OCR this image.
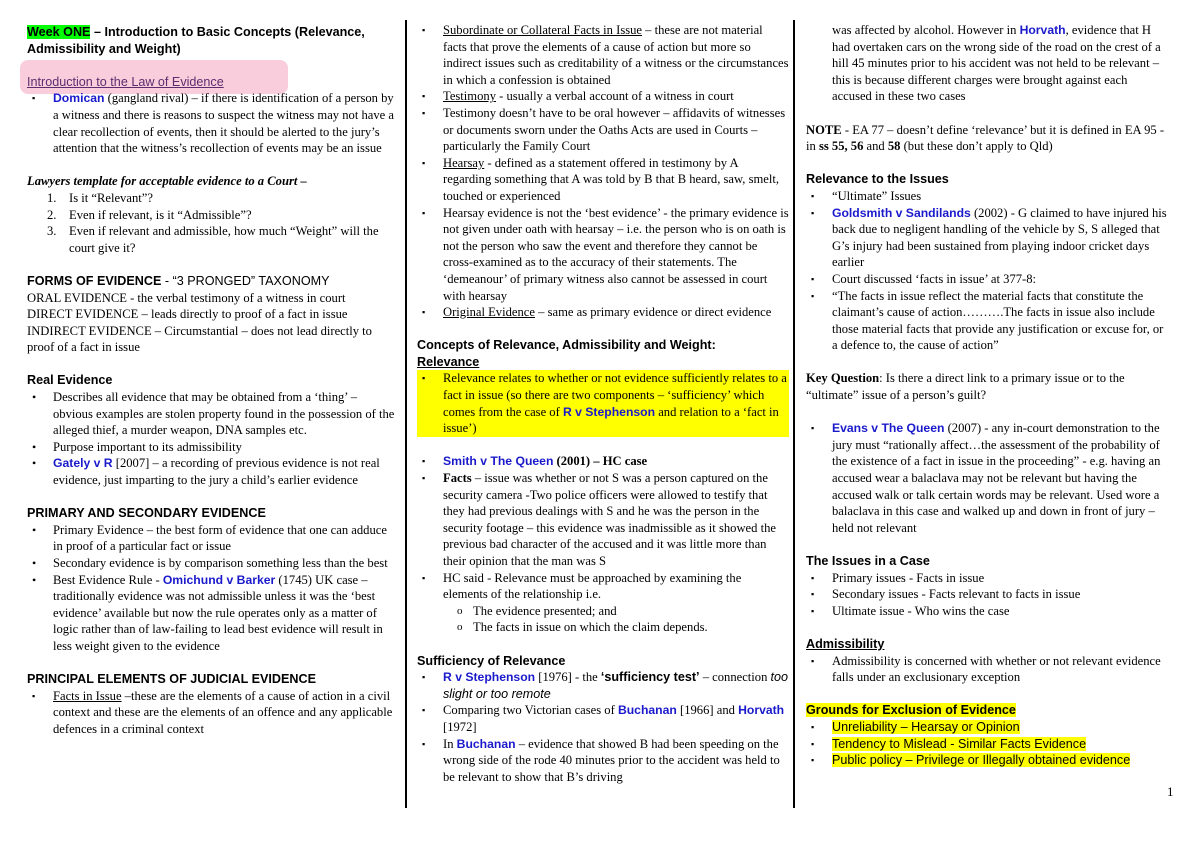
Week ONE – Introduction to Basic Concepts (Relevance, Admissibility and Weight)

Introduction to the Law of Evidence

▪ Domican (gangland rival) – if there is identification of a person by a witness and there is reasons to suspect the witness may not have a clear recollection of events, then it should be alerted to the jury’s attention that the witness’s recollection of events may be an issue

Lawyers template for acceptable evidence to a Court –

1. Is it “Relevant”?
2. Even if relevant, is it “Admissible”?
3. Even if relevant and admissible, how much “Weight” will the court give it?

FORMS OF EVIDENCE - “3 PRONGED” TAXONOMY

ORAL EVIDENCE - the verbal testimony of a witness in court

DIRECT EVIDENCE – leads directly to proof of a fact in issue

INDIRECT EVIDENCE – Circumstantial – does not lead directly to proof of a fact in issue

Real Evidence

• Describes all evidence that may be obtained from a ‘thing’ – obvious examples are stolen property found in the possession of the alleged thief, a murder weapon, DNA samples etc.
• Purpose important to its admissibility
• Gately v R [2007] – a recording of previous evidence is not real evidence, just imparting to the jury a child’s earlier evidence

PRIMARY AND SECONDARY EVIDENCE

• Primary Evidence – the best form of evidence that one can adduce in proof of a particular fact or issue
• Secondary evidence is by comparison something less than the best
• Best Evidence Rule - Omichund v Barker (1745) UK case – traditionally evidence was not admissible unless it was the ‘best evidence’ available but now the rule operates only as a matter of logic rather than of law-failing to lead best evidence will result in less weight given to the evidence

PRINCIPAL ELEMENTS OF JUDICIAL EVIDENCE

▪ Facts in Issue –these are the elements of a cause of action in a civil context and these are the elements of an offence and any applicable defences in a criminal context
▪ Subordinate or Collateral Facts in Issue – these are not material facts that prove the elements of a cause of action but more so indirect issues such as creditability of a witness or the circumstances in which a confession is obtained
▪ Testimony - usually a verbal account of a witness in court
▪ Testimony doesn’t have to be oral however – affidavits of witnesses or documents sworn under the Oaths Acts are used in Courts – particularly the Family Court
▪ Hearsay - defined as a statement offered in testimony by A regarding something that A was told by B that B heard, saw, smelt, touched or experienced
▪ Hearsay evidence is not the ‘best evidence’ - the primary evidence is not given under oath with hearsay – i.e. the person who is on oath is not the person who saw the event and therefore they cannot be cross-examined as to the accuracy of their statements. The ‘demeanour’ of primary witness also cannot be assessed in court with hearsay
▪ Original Evidence – same as primary evidence or direct evidence

Concepts of Relevance, Admissibility and Weight:

Relevance

▪ Relevance relates to whether or not evidence sufficiently relates to a fact in issue (so there are two components – ‘sufficiency’ which comes from the case of R v Stephenson and relation to a ‘fact in issue’)
▪ Smith v The Queen (2001) – HC case
▪ Facts – issue was whether or not S was a person captured on the security camera -Two police officers were allowed to testify that they had previous dealings with S and he was the person in the security footage – this evidence was inadmissible as it showed the previous bad character of the accused and it was little more than their opinion that the man was S
▪ HC said - Relevance must be approached by examining the elements of the relationship i.e.
o The evidence presented; and
o The facts in issue on which the claim depends.

Sufficiency of Relevance

▪ R v Stephenson [1976] - the ‘sufficiency test’ – connection too slight or too remote
▪ Comparing two Victorian cases of Buchanan [1966] and Horvath [1972]
▪ In Buchanan – evidence that showed B had been speeding on the wrong side of the rode 40 minutes prior to the accident was held to be relevant to show that B’s driving

was affected by alcohol. However in Horvath, evidence that H had overtaken cars on the wrong side of the road on the crest of a hill 45 minutes prior to his accident was not held to be relevant – this is because different charges were brought against each accused in these two cases

NOTE - EA 77 – doesn’t define ‘relevance’ but it is defined in EA 95 - in ss 55, 56 and 58 (but these don’t apply to Qld)

Relevance to the Issues

▪ “Ultimate” Issues
▪ Goldsmith v Sandilands (2002) - G claimed to have injured his back due to negligent handling of the vehicle by S, S alleged that G’s injury had been sustained from playing indoor cricket days earlier
▪ Court discussed ‘facts in issue’ at 377-8:
▪ “The facts in issue reflect the material facts that constitute the claimant’s cause of action……….The facts in issue also include those material facts that provide any justification or excuse for, or a defence to, the cause of action”

Key Question: Is there a direct link to a primary issue or to the “ultimate” issue of a person’s guilt?

▪ Evans v The Queen (2007) - any in-court demonstration to the jury must “rationally affect…the assessment of the probability of the existence of a fact in issue in the proceeding” - e.g. having an accused wear a balaclava may not be relevant but having the accused walk or talk certain words may be relevant. Used wore a balaclava in this case and walked up and down in front of jury – held not relevant

The Issues in a Case

▪ Primary issues - Facts in issue
▪ Secondary issues - Facts relevant to facts in issue
▪ Ultimate issue - Who wins the case

Admissibility

▪ Admissibility is concerned with whether or not relevant evidence falls under an exclusionary exception

Grounds for Exclusion of Evidence

▪ Unreliability – Hearsay or Opinion
▪ Tendency to Mislead - Similar Facts Evidence
▪ Public policy – Privilege or Illegally obtained evidence
1
